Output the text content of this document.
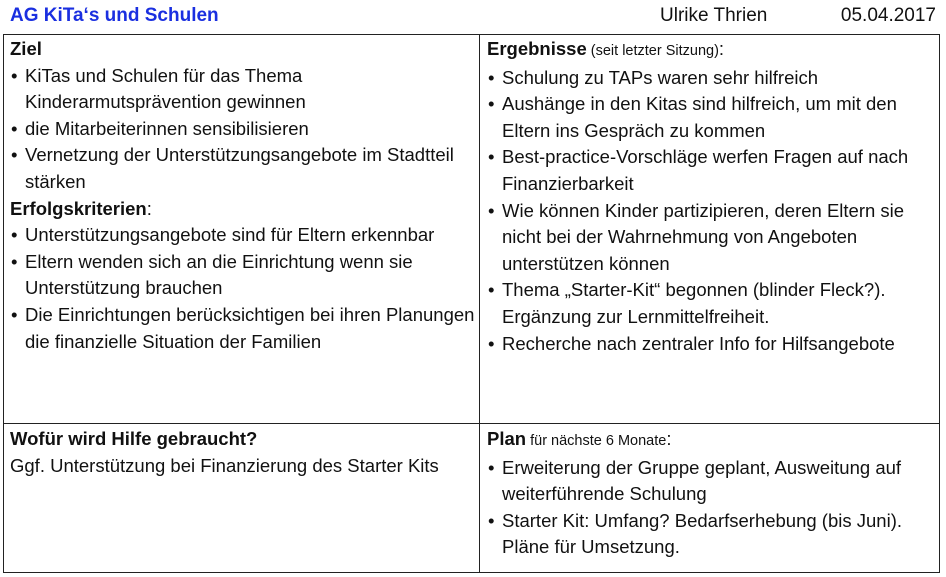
AG KiTa‘s und Schulen	Ulrike Thrien	05.04.2017
Ziel
• KiTas und Schulen für das Thema Kinderarmutsprävention gewinnen
• die Mitarbeiterinnen sensibilisieren
• Vernetzung der Unterstützungsangebote im Stadtteil stärken
Erfolgskriterien:
• Unterstützungsangebote sind für Eltern erkennbar
• Eltern wenden sich an die Einrichtung wenn sie Unterstützung brauchen
• Die Einrichtungen berücksichtigen bei ihren Planungen die finanzielle Situation der Familien
Ergebnisse (seit letzter Sitzung):
• Schulung zu TAPs waren sehr hilfreich
• Aushänge in den Kitas sind hilfreich, um mit den Eltern ins Gespräch zu kommen
• Best-practice-Vorschläge werfen Fragen auf nach Finanzierbarkeit
• Wie können Kinder partizipieren, deren Eltern sie nicht bei der Wahrnehmung von Angeboten unterstützen können
• Thema „Starter-Kit“ begonnen (blinder Fleck?). Ergänzung zur Lernmittelfreiheit.
• Recherche nach zentraler Info for Hilfsangebote
Wofür wird Hilfe gebraucht?

Ggf. Unterstützung bei Finanzierung des Starter Kits

Plan für nächste 6 Monate:
• Erweiterung der Gruppe geplant, Ausweitung auf weiterführende Schulung
• Starter Kit: Umfang? Bedarfserhebung (bis Juni). Pläne für Umsetzung.
